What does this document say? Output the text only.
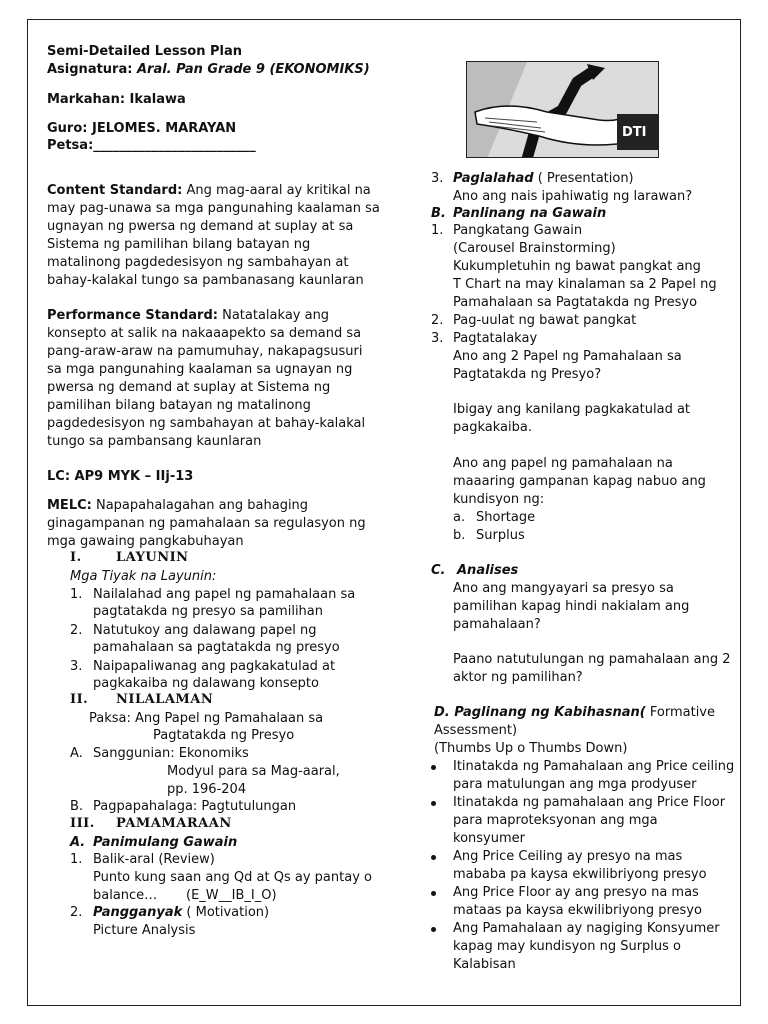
Semi-Detailed Lesson Plan
Asignatura: Aral. Pan Grade 9 (EKONOMIKS)
Markahan: Ikalawa
Guro: JELOMES. MARAYAN
Petsa:_________________________
DTI
Content Standard: Ang mag-aaral ay kritikal na
may pag-unawa sa mga pangunahing kaalaman sa
ugnayan ng pwersa ng demand at suplay at sa
Sistema ng pamilihan bilang batayan ng
matalinong pagdedesisyon ng sambahayan at
bahay-kalakal tungo sa pambanasang kaunlaran
Performance Standard: Natatalakay ang
konsepto at salik na nakaaapekto sa demand sa
pang-araw-araw na pamumuhay, nakapagsusuri
sa mga pangunahing kaalaman sa ugnayan ng
pwersa ng demand at suplay at Sistema ng
pamilihan bilang batayan ng matalinong
pagdedesisyon ng sambahayan at bahay-kalakal
tungo sa pambansang kaunlaran
LC: AP9 MYK – IIj-13
MELC: Napapahalagahan ang bahaging
ginagampanan ng pamahalaan sa regulasyon ng
mga gawaing pangkabuhayan
I.	LAYUNIN
Mga Tiyak na Layunin:
1. Nailalahad ang papel ng pamahalaan sa
pagtatakda ng presyo sa pamilihan
2. Natutukoy ang dalawang papel ng
pamahalaan sa pagtatakda ng presyo
3. Naipapaliwanag ang pagkakatulad at
pagkakaiba ng dalawang konsepto
II. NILALAMAN
Paksa: Ang Papel ng Pamahalaan sa
Pagtatakda ng Presyo
A. Sanggunian: Ekonomiks
Modyul para sa Mag-aaral,
pp. 196-204
B. Pagpapahalaga: Pagtutulungan
III. PAMAMARAAN
A. Panimulang Gawain
1. Balik-aral (Review)
Punto kung saan ang Qd at Qs ay pantay o
balance… (E_W__IB_I_O)
2. Pangganyak ( Motivation)
Picture Analysis
3. Paglalahad ( Presentation)
Ano ang nais ipahiwatig ng larawan?
B. Panlinang na Gawain
1. Pangkatang Gawain
(Carousel Brainstorming)
Kukumpletuhin ng bawat pangkat ang
T Chart na may kinalaman sa 2 Papel ng
Pamahalaan sa Pagtatakda ng Presyo
2. Pag-uulat ng bawat pangkat
3. Pagtatalakay
Ano ang 2 Papel ng Pamahalaan sa
Pagtatakda ng Presyo?
Ibigay ang kanilang pagkakatulad at
pagkakaiba.
Ano ang papel ng pamahalaan na
maaaring gampanan kapag nabuo ang
kundisyon ng:
a. Shortage
b. Surplus
C. Analises
Ano ang mangyayari sa presyo sa
pamilihan kapag hindi nakialam ang
pamahalaan?
Paano natutulungan ng pamahalaan ang 2
aktor ng pamilihan?
D. Paglinang ng Kabihasnan( Formative
Assessment)
(Thumbs Up o Thumbs Down)
Itinatakda ng Pamahalaan ang Price ceiling
para matulungan ang mga prodyuser
Itinatakda ng pamahalaan ang Price Floor
para maproteksyonan ang mga
konsyumer
Ang Price Ceiling ay presyo na mas
mababa pa kaysa ekwilibriyong presyo
Ang Price Floor ay ang presyo na mas
mataas pa kaysa ekwilibriyong presyo
Ang Pamahalaan ay nagiging Konsyumer
kapag may kundisyon ng Surplus o
Kalabisan
